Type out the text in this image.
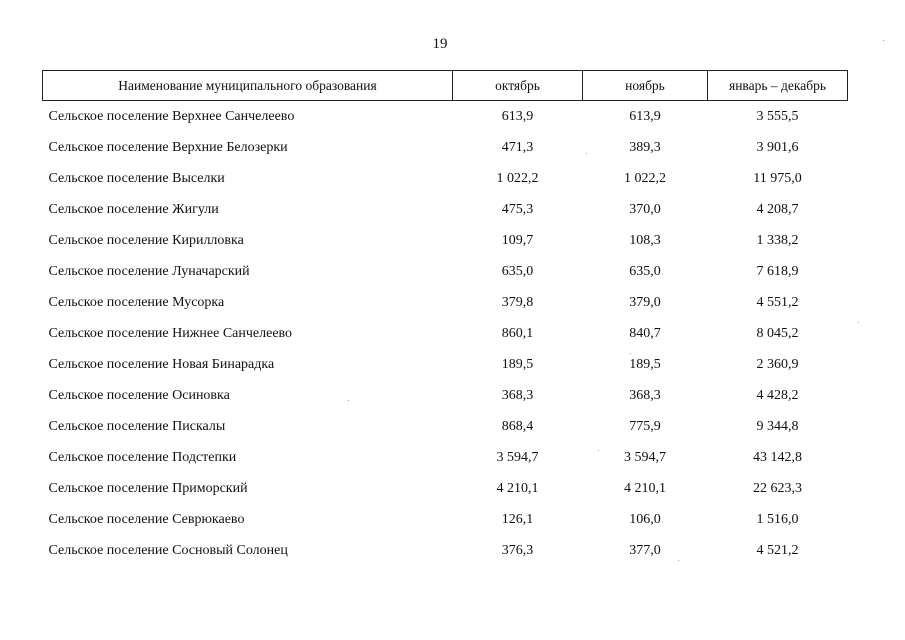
19
Наименование муниципального образования	октябрь	ноябрь	январь – декабрь
Сельское поселение Верхнее Санчелеево	613,9	613,9	3 555,5
Сельское поселение Верхние Белозерки	471,3	389,3	3 901,6
Сельское поселение Выселки	1 022,2	1 022,2	11 975,0
Сельское поселение Жигули	475,3	370,0	4 208,7
Сельское поселение Кирилловка	109,7	108,3	1 338,2
Сельское поселение Луначарский	635,0	635,0	7 618,9
Сельское поселение Мусорка	379,8	379,0	4 551,2
Сельское поселение Нижнее Санчелеево	860,1	840,7	8 045,2
Сельское поселение Новая Бинарадка	189,5	189,5	2 360,9
Сельское поселение Осиновка	368,3	368,3	4 428,2
Сельское поселение Пискалы	868,4	775,9	9 344,8
Сельское поселение Подстепки	3 594,7	3 594,7	43 142,8
Сельское поселение Приморский	4 210,1	4 210,1	22 623,3
Сельское поселение Севрюкаево	126,1	106,0	1 516,0
Сельское поселение Сосновый Солонец	376,3	377,0	4 521,2
